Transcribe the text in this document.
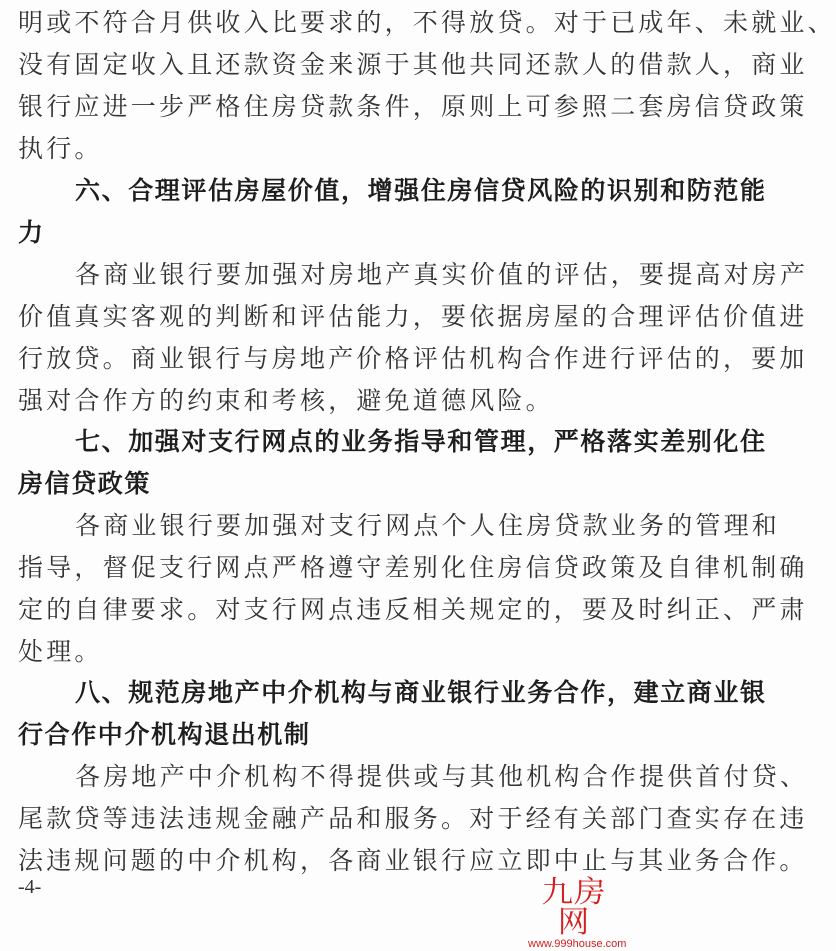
明或不符合月供收入比要求的，不得放贷。对于已成年、未就业、
没有固定收入且还款资金来源于其他共同还款人的借款人，商业
银行应进一步严格住房贷款条件，原则上可参照二套房信贷政策
执行。
六、合理评估房屋价值，增强住房信贷风险的识别和防范能
力
各商业银行要加强对房地产真实价值的评估，要提高对房产
价值真实客观的判断和评估能力，要依据房屋的合理评估价值进
行放贷。商业银行与房地产价格评估机构合作进行评估的，要加
强对合作方的约束和考核，避免道德风险。
七、加强对支行网点的业务指导和管理，严格落实差别化住
房信贷政策
各商业银行要加强对支行网点个人住房贷款业务的管理和
指导，督促支行网点严格遵守差别化住房信贷政策及自律机制确
定的自律要求。对支行网点违反相关规定的，要及时纠正、严肃
处理。
八、规范房地产中介机构与商业银行业务合作，建立商业银
行合作中介机构退出机制
各房地产中介机构不得提供或与其他机构合作提供首付贷、
尾款贷等违法违规金融产品和服务。对于经有关部门查实存在违
法违规问题的中介机构，各商业银行应立即中止与其业务合作。
-4-	九房网
www.999house.com
